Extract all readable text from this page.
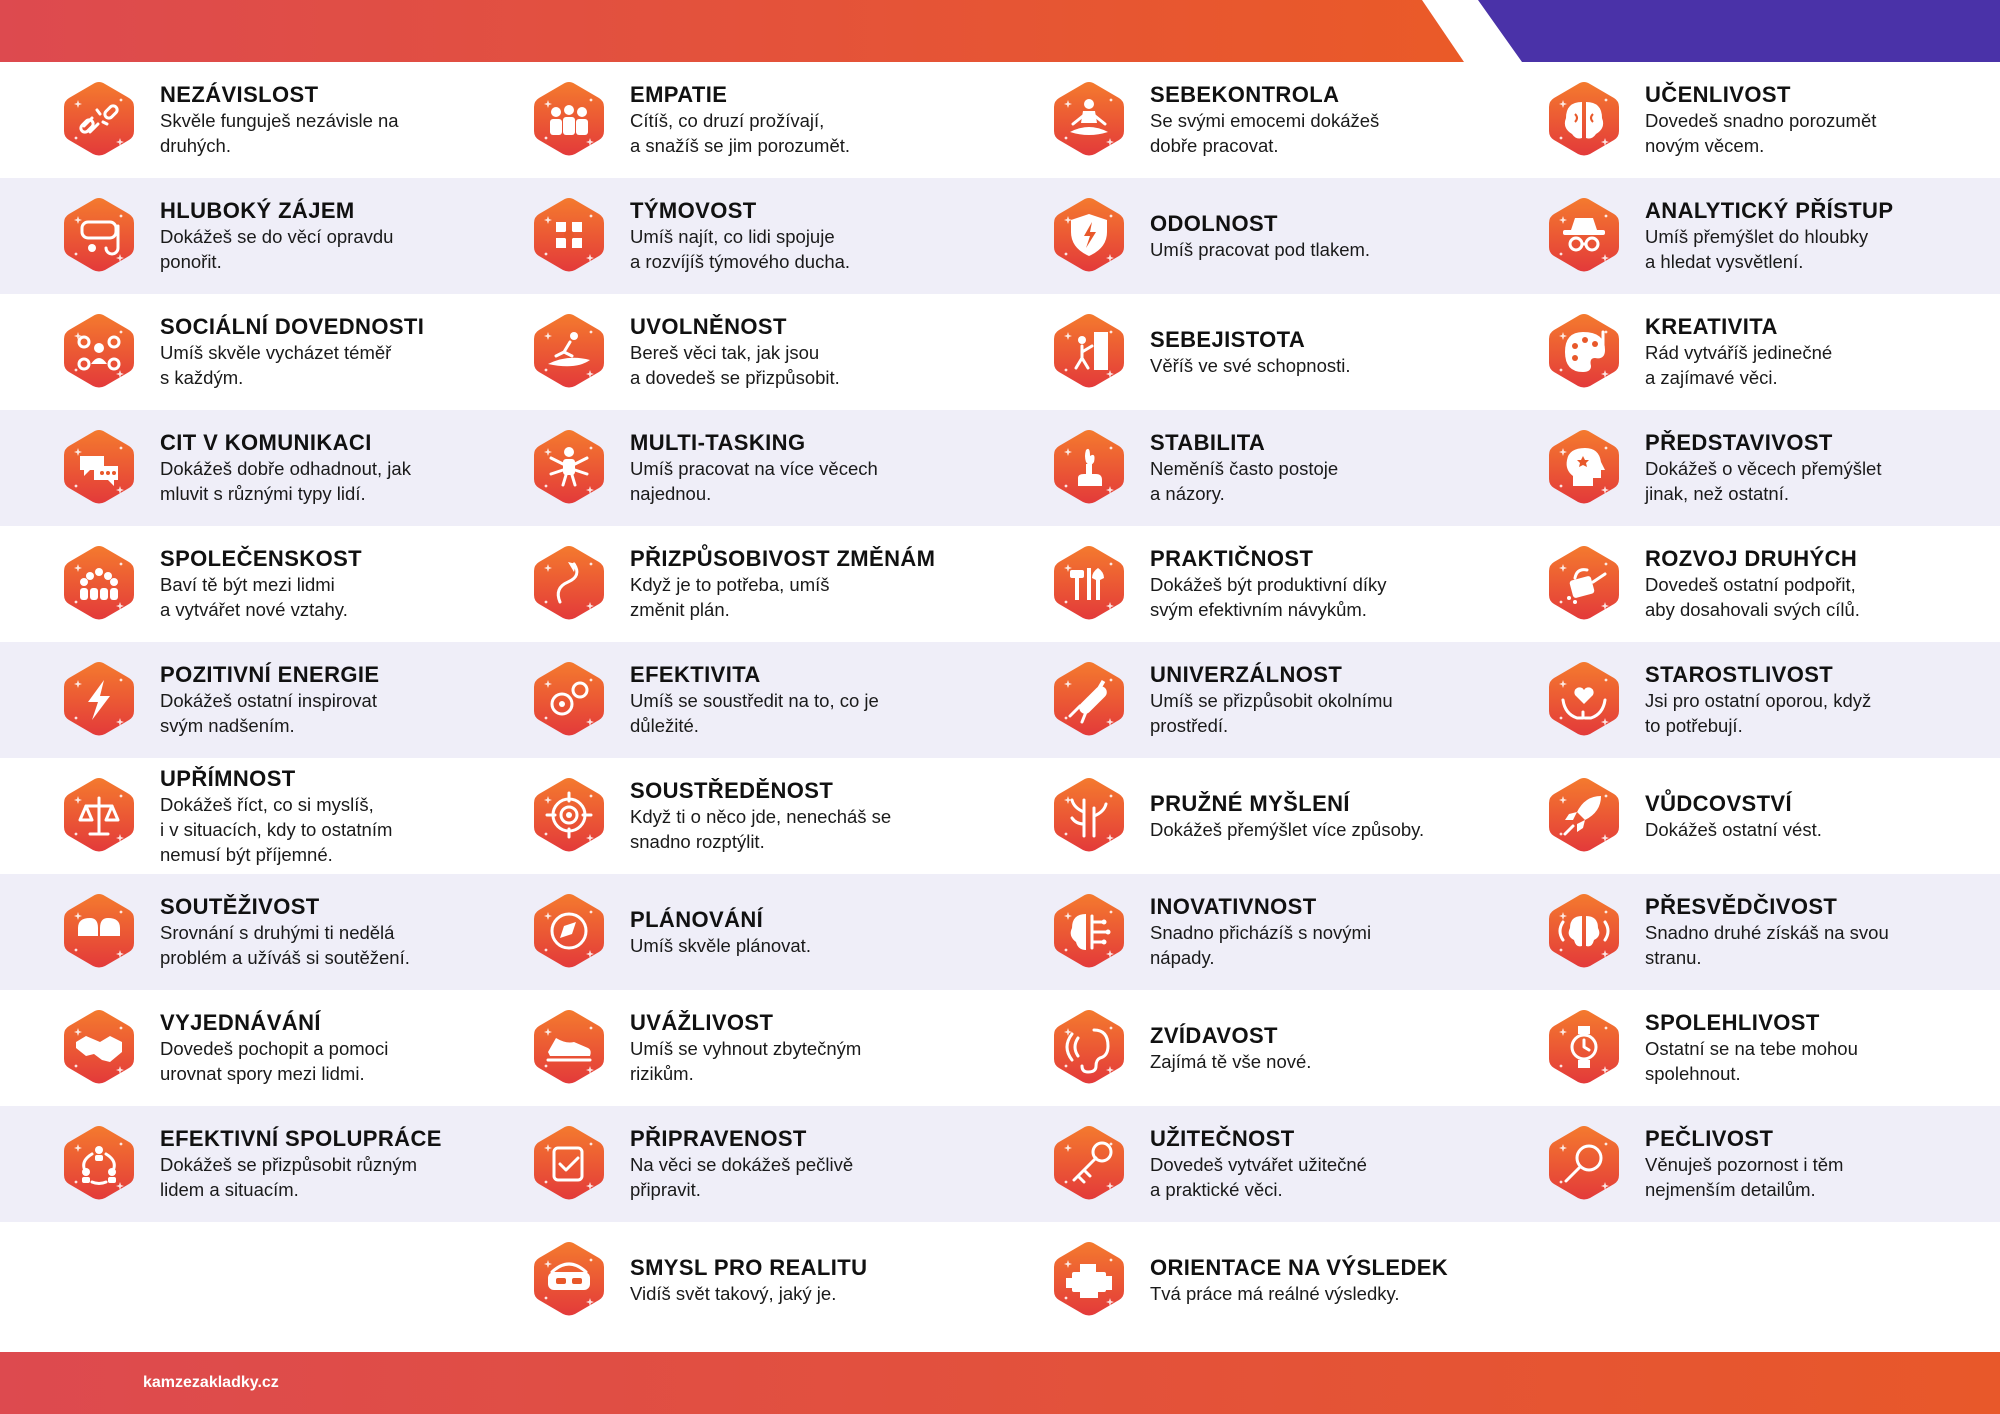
NEZÁVISLOST
Skvěle funguješ nezávisle na
druhých.
HLUBOKÝ ZÁJEM
Dokážeš se do věcí opravdu
ponořit.
SOCIÁLNÍ DOVEDNOSTI
Umíš skvěle vycházet téměř
s každým.
CIT V KOMUNIKACI
Dokážeš dobře odhadnout, jak
mluvit s různými typy lidí.
SPOLEČENSKOST
Baví tě být mezi lidmi
a vytvářet nové vztahy.
POZITIVNÍ ENERGIE
Dokážeš ostatní inspirovat
svým nadšením.
UPŘÍMNOST
Dokážeš říct, co si myslíš,
i v situacích, kdy to ostatním
nemusí být příjemné.
SOUTĚŽIVOST
Srovnání s druhými ti nedělá
problém a užíváš si soutěžení.
VYJEDNÁVÁNÍ
Dovedeš pochopit a pomoci
urovnat spory mezi lidmi.
EFEKTIVNÍ SPOLUPRÁCE
Dokážeš se přizpůsobit různým
lidem a situacím.
EMPATIE
Cítíš, co druzí prožívají,
a snažíš se jim porozumět.
TÝMOVOST
Umíš najít, co lidi spojuje
a rozvíjíš týmového ducha.
UVOLNĚNOST
Bereš věci tak, jak jsou
a dovedeš se přizpůsobit.
MULTI-TASKING
Umíš pracovat na více věcech
najednou.
PŘIZPŮSOBIVOST ZMĚNÁM
Když je to potřeba, umíš
změnit plán.
EFEKTIVITA
Umíš se soustředit na to, co je
důležité.
SOUSTŘEDĚNOST
Když ti o něco jde, nenecháš se
snadno rozptýlit.
PLÁNOVÁNÍ
Umíš skvěle plánovat.
UVÁŽLIVOST
Umíš se vyhnout zbytečným
rizikům.
PŘIPRAVENOST
Na věci se dokážeš pečlivě
připravit.
SMYSL PRO REALITU
Vidíš svět takový, jaký je.
SEBEKONTROLA
Se svými emocemi dokážeš
dobře pracovat.
ODOLNOST
Umíš pracovat pod tlakem.
SEBEJISTOTA
Věříš ve své schopnosti.
STABILITA
Neměníš často postoje
a názory.
PRAKTIČNOST
Dokážeš být produktivní díky
svým efektivním návykům.
UNIVERZÁLNOST
Umíš se přizpůsobit okolnímu
prostředí.
PRUŽNÉ MYŠLENÍ
Dokážeš přemýšlet více způsoby.
INOVATIVNOST
Snadno přicházíš s novými
nápady.
ZVÍDAVOST
Zajímá tě vše nové.
UŽITEČNOST
Dovedeš vytvářet užitečné
a praktické věci.
ORIENTACE NA VÝSLEDEK
Tvá práce má reálné výsledky.
UČENLIVOST
Dovedeš snadno porozumět
novým věcem.
ANALYTICKÝ PŘÍSTUP
Umíš přemýšlet do hloubky
a hledat vysvětlení.
KREATIVITA
Rád vytváříš jedinečné
a zajímavé věci.
PŘEDSTAVIVOST
Dokážeš o věcech přemýšlet
jinak, než ostatní.
ROZVOJ DRUHÝCH
Dovedeš ostatní podpořit,
aby dosahovali svých cílů.
STAROSTLIVOST
Jsi pro ostatní oporou, když
to potřebují.
VŮDCOVSTVÍ
Dokážeš ostatní vést.
PŘESVĚDČIVOST
Snadno druhé získáš na svou
stranu.
SPOLEHLIVOST
Ostatní se na tebe mohou
spolehnout.
PEČLIVOST
Věnuješ pozornost i těm
nejmenším detailům.
kamzezakladky.cz
